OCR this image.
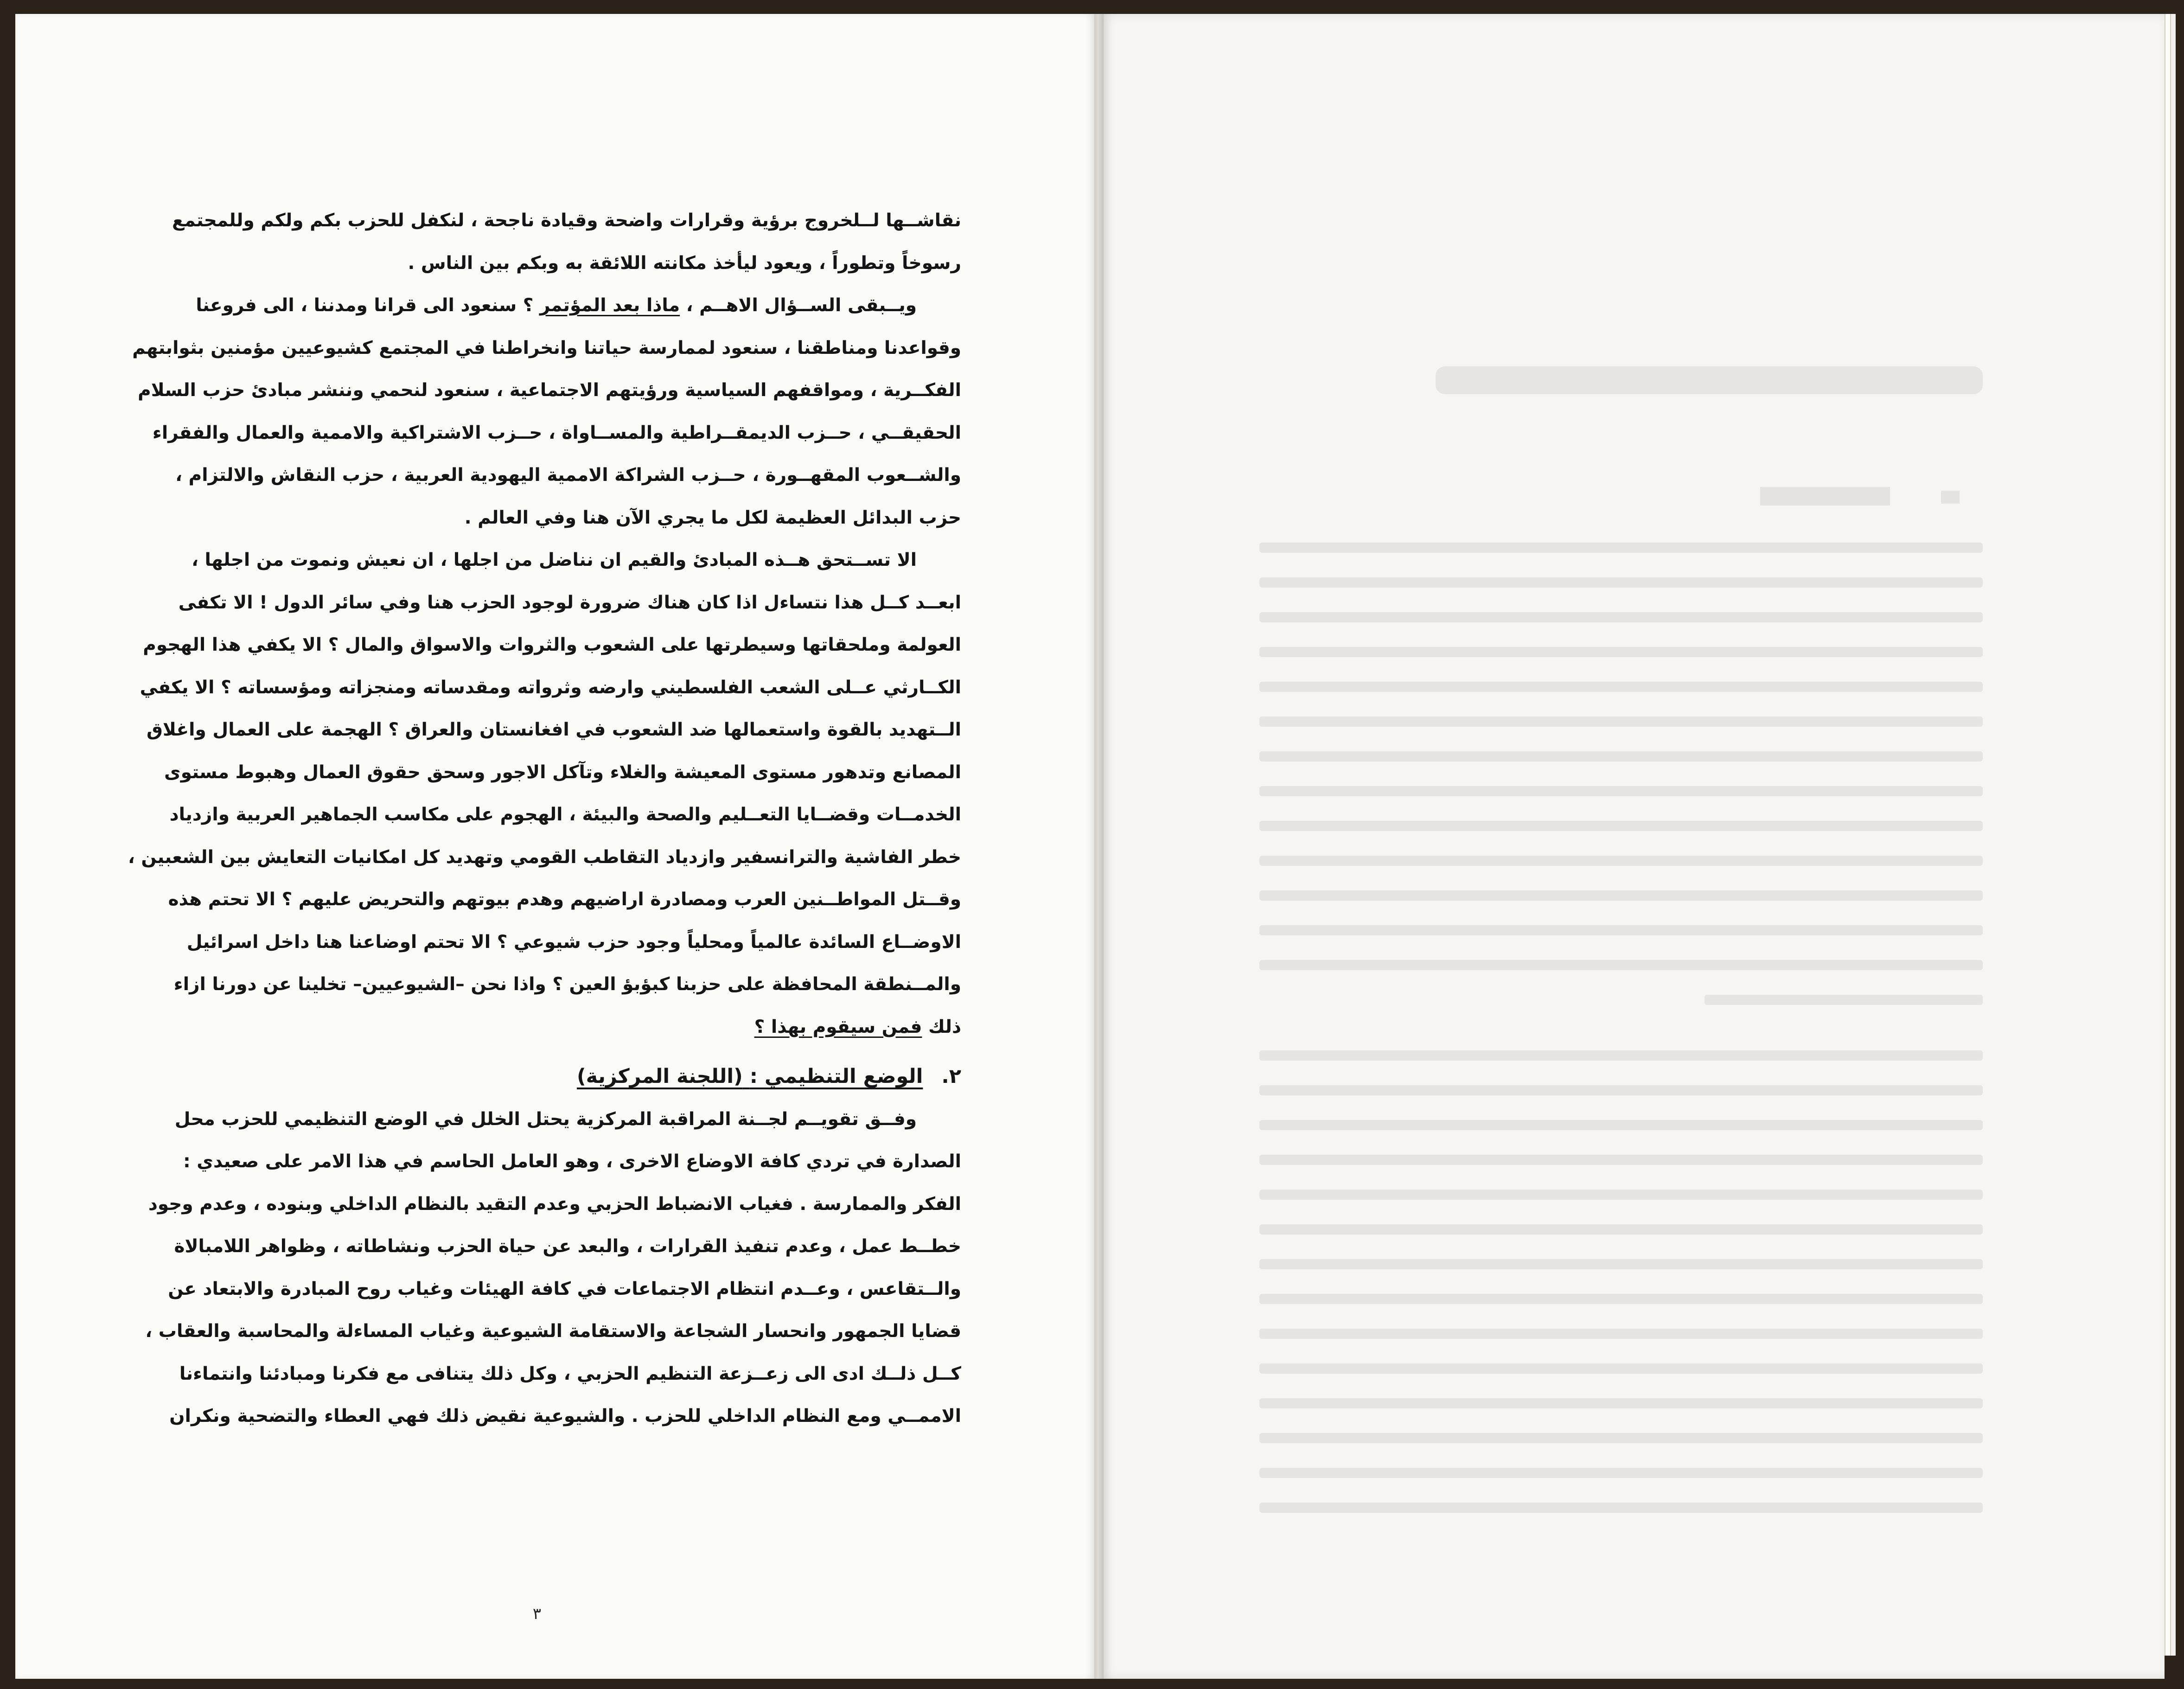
نقاشــها لــلخروج برؤية وقرارات واضحة وقيادة ناجحة ، لنكفل للحزب بكم ولكم وللمجتمع

رسوخاً وتطوراً ، ويعود ليأخذ مكانته اللائقة به وبكم بين الناس .

ويــبقى الســؤال الاهــم ، ماذا بعد المؤتمر ؟ سنعود الى قرانا ومدننا ، الى فروعنا

وقواعدنا ومناطقنا ، سنعود لممارسة حياتنا وانخراطنا في المجتمع كشيوعيين مؤمنين بثوابتهم

الفكــرية ، ومواقفهم السياسية ورؤيتهم الاجتماعية ، سنعود لنحمي وننشر مبادئ حزب السلام

الحقيقــي ، حــزب الديمقــراطية والمســاواة ، حــزب الاشتراكية والاممية والعمال والفقراء

والشــعوب المقهــورة ، حــزب الشراكة الاممية اليهودية العربية ، حزب النقاش والالتزام ،

حزب البدائل العظيمة لكل ما يجري الآن هنا وفي العالم .

الا تســتحق هــذه المبادئ والقيم ان نناضل من اجلها ، ان نعيش ونموت من اجلها ،

ابعــد كــل هذا نتساءل اذا كان هناك ضرورة لوجود الحزب هنا وفي سائر الدول ! الا تكفى

العولمة وملحقاتها وسيطرتها على الشعوب والثروات والاسواق والمال ؟ الا يكفي هذا الهجوم

الكــارثي عــلى الشعب الفلسطيني وارضه وثرواته ومقدساته ومنجزاته ومؤسساته ؟ الا يكفي

الــتهديد بالقوة واستعمالها ضد الشعوب في افغانستان والعراق ؟ الهجمة على العمال واغلاق

المصانع وتدهور مستوى المعيشة والغلاء وتآكل الاجور وسحق حقوق العمال وهبوط مستوى

الخدمــات وقضــايا التعــليم والصحة والبيئة ، الهجوم على مكاسب الجماهير العربية وازدياد

خطر الفاشية والترانسفير وازدياد التقاطب القومي وتهديد كل امكانيات التعايش بين الشعبين ،

وقــتل المواطــنين العرب ومصادرة اراضيهم وهدم بيوتهم والتحريض عليهم ؟ الا تحتم هذه

الاوضــاع السائدة عالمياً ومحلياً وجود حزب شيوعي ؟ الا تحتم اوضاعنا هنا داخل اسرائيل

والمــنطقة المحافظة على حزبنا كبؤبؤ العين ؟ واذا نحن –الشيوعيين– تخلينا عن دورنا ازاء

ذلك فمن سيقوم بهذا ؟

٢.
الوضع التنظيمي : (اللجنة المركزية)

وفــق تقويــم لجــنة المراقبة المركزية يحتل الخلل في الوضع التنظيمي للحزب محل

الصدارة في تردي كافة الاوضاع الاخرى ، وهو العامل الحاسم في هذا الامر على صعيدي :

الفكر والممارسة . فغياب الانضباط الحزبي وعدم التقيد بالنظام الداخلي وبنوده ، وعدم وجود

خطــط عمل ، وعدم تنفيذ القرارات ، والبعد عن حياة الحزب ونشاطاته ، وظواهر اللامبالاة

والــتقاعس ، وعــدم انتظام الاجتماعات في كافة الهيئات وغياب روح المبادرة والابتعاد عن

قضايا الجمهور وانحسار الشجاعة والاستقامة الشيوعية وغياب المساءلة والمحاسبة والعقاب ،

كــل ذلــك ادى الى زعــزعة التنظيم الحزبي ، وكل ذلك يتنافى مع فكرنا ومبادئنا وانتماءنا

الاممــي ومع النظام الداخلي للحزب . والشيوعية نقيض ذلك فهي العطاء والتضحية ونكران

٣
